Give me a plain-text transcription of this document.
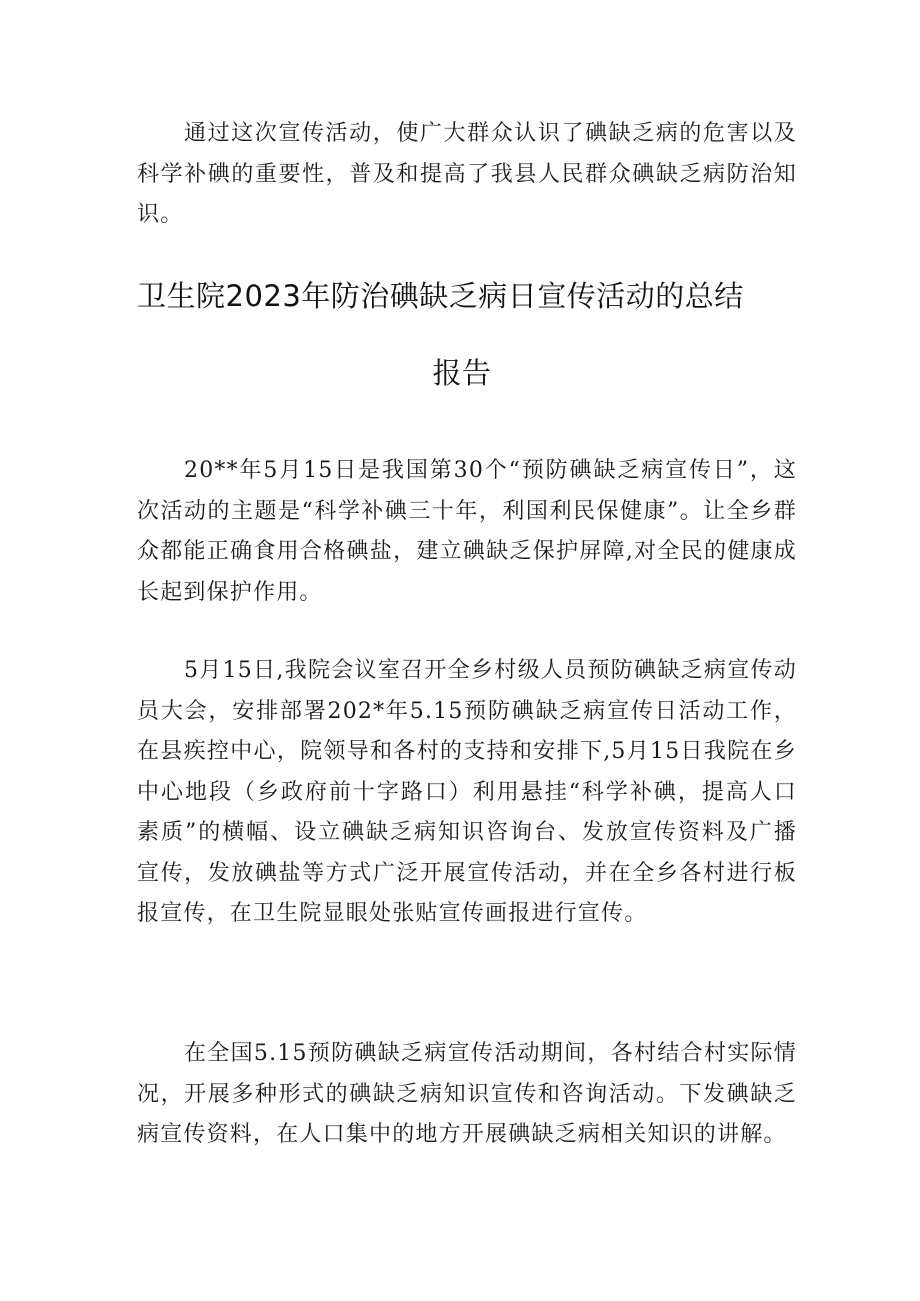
通过这次宣传活动，使广大群众认识了碘缺乏病的危害以及科学补碘的重要性，普及和提高了我县人民群众碘缺乏病防治知识。

卫生院2023年防治碘缺乏病日宣传活动的总结
报告

20**年5月15日是我国第30个“预防碘缺乏病宣传日”，这次活动的主题是“科学补碘三十年，利国利民保健康”。让全乡群众都能正确食用合格碘盐，建立碘缺乏保护屏障,对全民的健康成长起到保护作用。

5月15日,我院会议室召开全乡村级人员预防碘缺乏病宣传动员大会，安排部署202*年5.15预防碘缺乏病宣传日活动工作，在县疾控中心，院领导和各村的支持和安排下,5月15日我院在乡中心地段（乡政府前十字路口）利用悬挂“科学补碘，提高人口素质”的横幅、设立碘缺乏病知识咨询台、发放宣传资料及广播宣传，发放碘盐等方式广泛开展宣传活动，并在全乡各村进行板报宣传，在卫生院显眼处张贴宣传画报进行宣传。

在全国5.15预防碘缺乏病宣传活动期间，各村结合村实际情况，开展多种形式的碘缺乏病知识宣传和咨询活动。下发碘缺乏病宣传资料，在人口集中的地方开展碘缺乏病相关知识的讲解。
